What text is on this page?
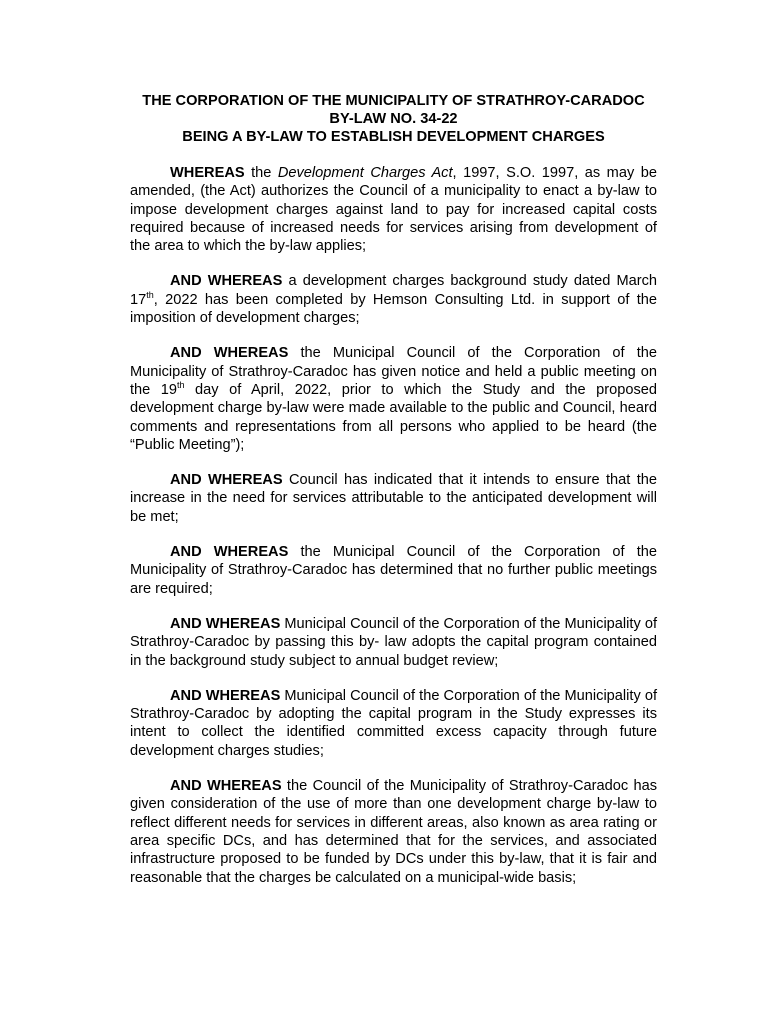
THE CORPORATION OF THE MUNICIPALITY OF STRATHROY-CARADOC
BY-LAW NO. 34-22
BEING A BY-LAW TO ESTABLISH DEVELOPMENT CHARGES

WHEREAS the Development Charges Act, 1997, S.O. 1997, as may be amended, (the Act) authorizes the Council of a municipality to enact a by-law to impose development charges against land to pay for increased capital costs required because of increased needs for services arising from development of the area to which the by-law applies;

AND WHEREAS a development charges background study dated March 17th, 2022 has been completed by Hemson Consulting Ltd. in support of the imposition of development charges;

AND WHEREAS the Municipal Council of the Corporation of the Municipality of Strathroy-Caradoc has given notice and held a public meeting on the 19th day of April, 2022, prior to which the Study and the proposed development charge by-law were made available to the public and Council, heard comments and representations from all persons who applied to be heard (the “Public Meeting”);

AND WHEREAS Council has indicated that it intends to ensure that the increase in the need for services attributable to the anticipated development will be met;

AND WHEREAS the Municipal Council of the Corporation of the Municipality of Strathroy-Caradoc has determined that no further public meetings are required;

AND WHEREAS Municipal Council of the Corporation of the Municipality of Strathroy-Caradoc by passing this by- law adopts the capital program contained in the background study subject to annual budget review;

AND WHEREAS Municipal Council of the Corporation of the Municipality of Strathroy-Caradoc by adopting the capital program in the Study expresses its intent to collect the identified committed excess capacity through future development charges studies;

AND WHEREAS the Council of the Municipality of Strathroy-Caradoc has given consideration of the use of more than one development charge by-law to reflect different needs for services in different areas, also known as area rating or area specific DCs, and has determined that for the services, and associated infrastructure proposed to be funded by DCs under this by-law, that it is fair and reasonable that the charges be calculated on a municipal-wide basis;
